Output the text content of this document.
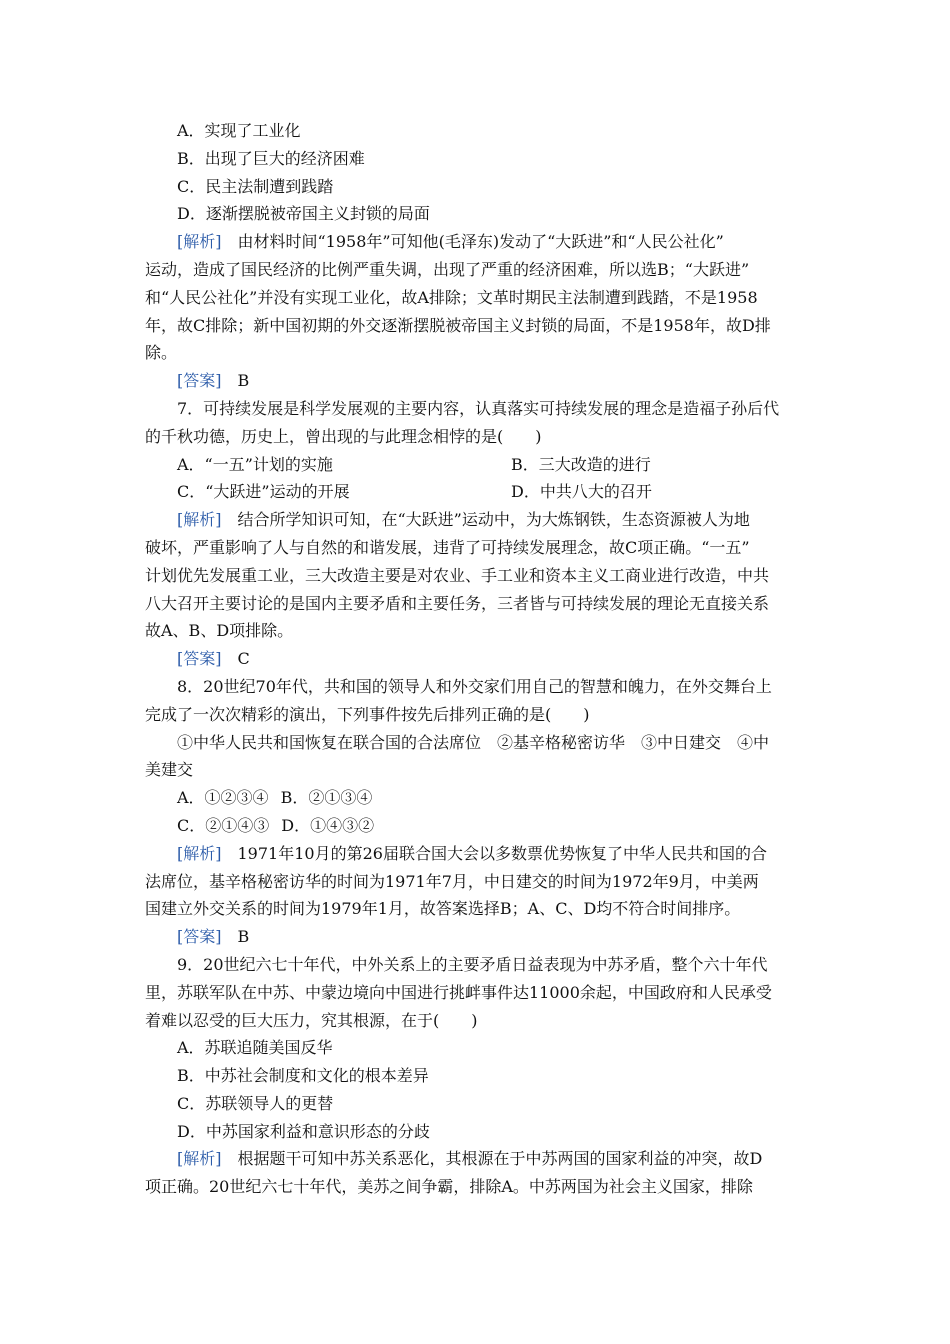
A．实现了工业化
B．出现了巨大的经济困难
C．民主法制遭到践踏
D．逐渐摆脱被帝国主义封锁的局面
[解析]　由材料时间“1958年”可知他(毛泽东)发动了“大跃进”和“人民公社化”
运动，造成了国民经济的比例严重失调，出现了严重的经济困难，所以选B；“大跃进”
和“人民公社化”并没有实现工业化，故A排除；文革时期民主法制遭到践踏，不是1958
年，故C排除；新中国初期的外交逐渐摆脱被帝国主义封锁的局面，不是1958年，故D排
除。
[答案]　B
7．可持续发展是科学发展观的主要内容，认真落实可持续发展的理念是造福子孙后代
的千秋功德，历史上，曾出现的与此理念相悖的是(　　)
A．“一五”计划的实施	B．三大改造的进行
C．“大跃进”运动的开展	D．中共八大的召开
[解析]　结合所学知识可知，在“大跃进”运动中，为大炼钢铁，生态资源被人为地
破坏，严重影响了人与自然的和谐发展，违背了可持续发展理念，故C项正确。“一五”
计划优先发展重工业，三大改造主要是对农业、手工业和资本主义工商业进行改造，中共
八大召开主要讨论的是国内主要矛盾和主要任务，三者皆与可持续发展的理论无直接关系
故A、B、D项排除。
[答案]　C
8．20世纪70年代，共和国的领导人和外交家们用自己的智慧和魄力，在外交舞台上
完成了一次次精彩的演出，下列事件按先后排列正确的是(　　)
①中华人民共和国恢复在联合国的合法席位　②基辛格秘密访华　③中日建交　④中
美建交
A．①②③④ B．②①③④
C．②①④③ D．①④③②
[解析]　1971年10月的第26届联合国大会以多数票优势恢复了中华人民共和国的合
法席位，基辛格秘密访华的时间为1971年7月，中日建交的时间为1972年9月，中美两
国建立外交关系的时间为1979年1月，故答案选择B；A、C、D均不符合时间排序。
[答案]　B
9．20世纪六七十年代，中外关系上的主要矛盾日益表现为中苏矛盾，整个六十年代
里，苏联军队在中苏、中蒙边境向中国进行挑衅事件达11000余起，中国政府和人民承受
着难以忍受的巨大压力，究其根源，在于(　　)
A．苏联追随美国反华
B．中苏社会制度和文化的根本差异
C．苏联领导人的更替
D．中苏国家利益和意识形态的分歧
[解析]　根据题干可知中苏关系恶化，其根源在于中苏两国的国家利益的冲突，故D
项正确。20世纪六七十年代，美苏之间争霸，排除A。中苏两国为社会主义国家，排除
